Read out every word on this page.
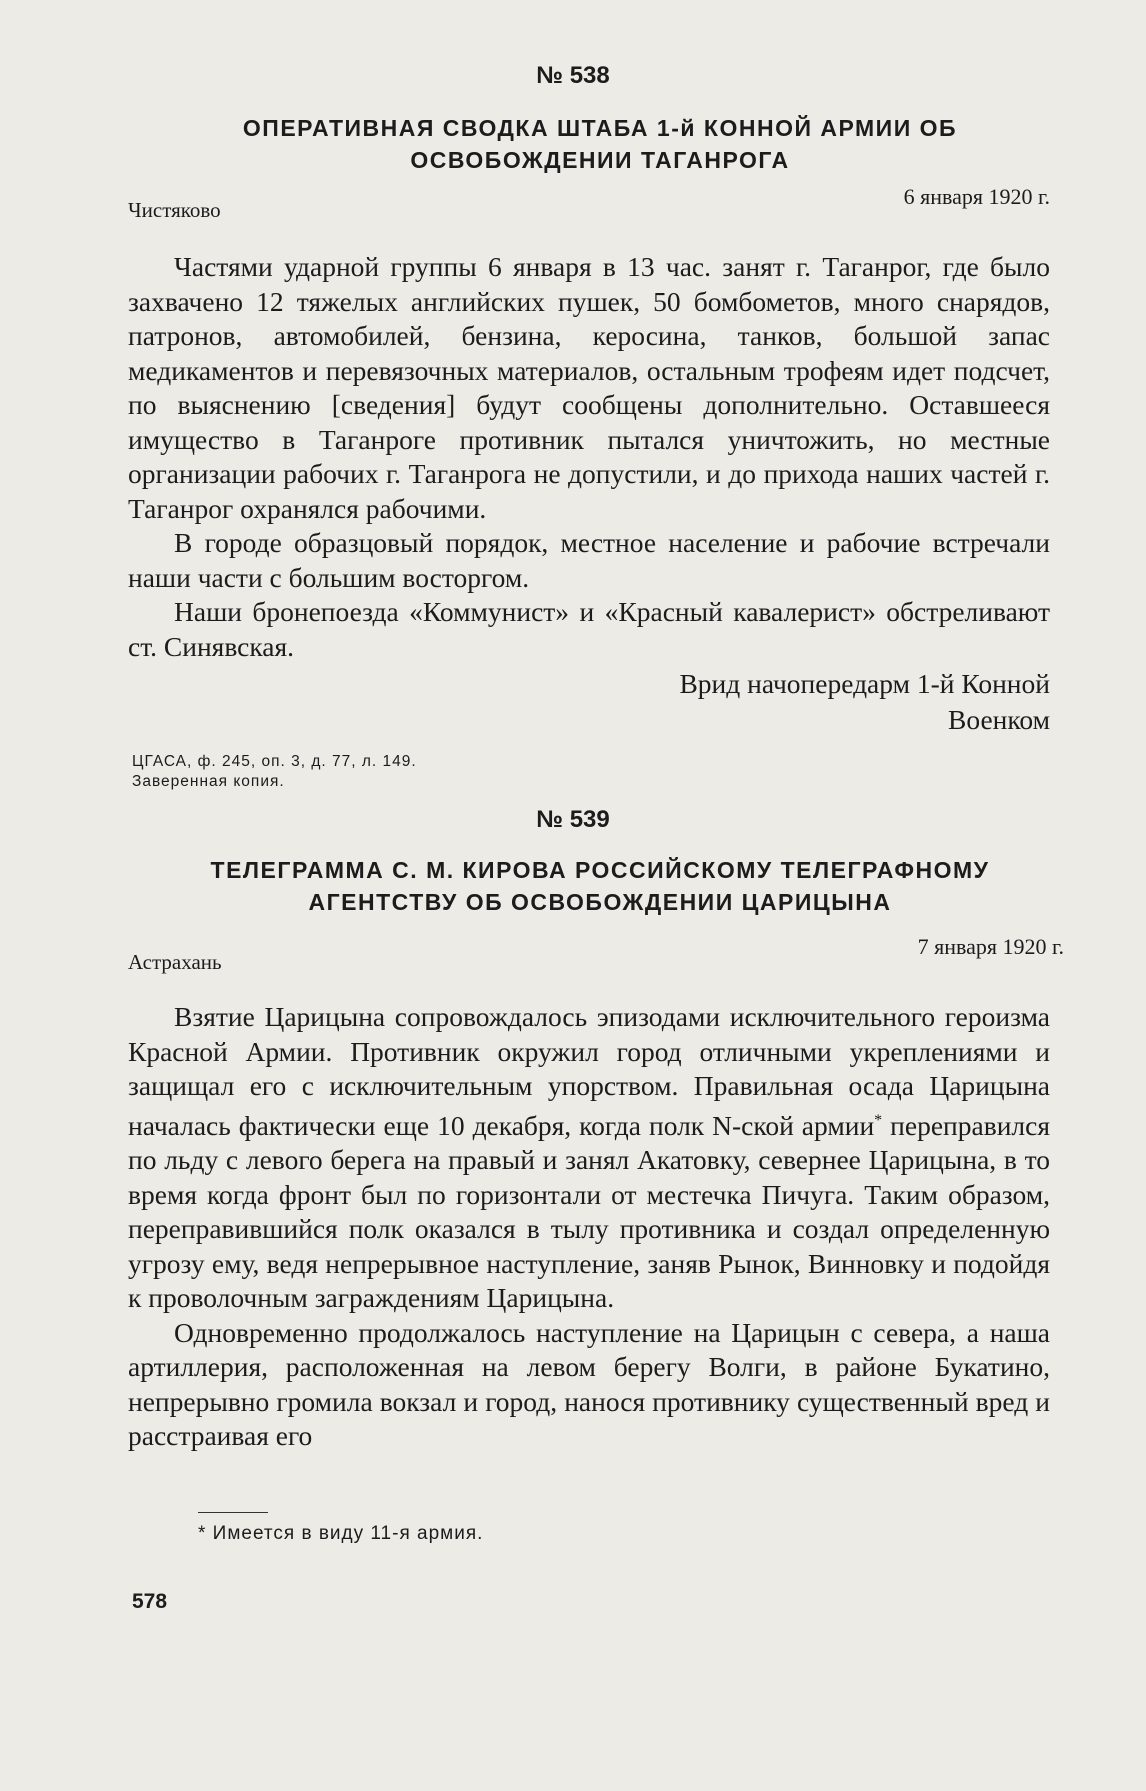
№ 538
ОПЕРАТИВНАЯ СВОДКА ШТАБА 1-й КОННОЙ АРМИИ ОБ
ОСВОБОЖДЕНИИ ТАГАНРОГА
Чистяково
6 января 1920 г.

Частями ударной группы 6 января в 13 час. занят г. Таганрог, где было захвачено 12 тяжелых английских пушек, 50 бомбометов, много снарядов, патронов, автомобилей, бензина, керосина, танков, большой запас медикаментов и перевязочных материалов, остальным трофеям идет подсчет, по выяснению [сведения] будут сообщены дополнительно. Оставшееся имущество в Таганроге противник пытался уничтожить, но местные организации рабочих г. Таганрога не допустили, и до прихода наших частей г. Таганрог охранялся рабочими.

В городе образцовый порядок, местное население и рабочие встречали наши части с большим восторгом.

Наши бронепоезда «Коммунист» и «Красный кавалерист» обстреливают ст. Синявская.

Врид начопередарм 1-й Конной
Военком
ЦГАСА, ф. 245, оп. 3, д. 77, л. 149.
Заверенная копия.
№ 539
ТЕЛЕГРАММА С. М. КИРОВА РОССИЙСКОМУ ТЕЛЕГРАФНОМУ
АГЕНТСТВУ ОБ ОСВОБОЖДЕНИИ ЦАРИЦЫНА
Астрахань
7 января 1920 г.

Взятие Царицына сопровождалось эпизодами исключительного героизма Красной Армии. Противник окружил город отличными укреплениями и защищал его с исключительным упорством. Правильная осада Царицына началась фактически еще 10 декабря, когда полк N-ской армии* переправился по льду с левого берега на правый и занял Акатовку, севернее Царицына, в то время когда фронт был по горизонтали от местечка Пичуга. Таким образом, переправившийся полк оказался в тылу противника и создал определенную угрозу ему, ведя непрерывное наступление, заняв Рынок, Винновку и подойдя к проволочным заграждениям Царицына.

Одновременно продолжалось наступление на Царицын с севера, а наша артиллерия, расположенная на левом берегу Волги, в районе Букатино, непрерывно громила вокзал и город, нанося противнику существенный вред и расстраивая его

* Имеется в виду 11-я армия.
578
